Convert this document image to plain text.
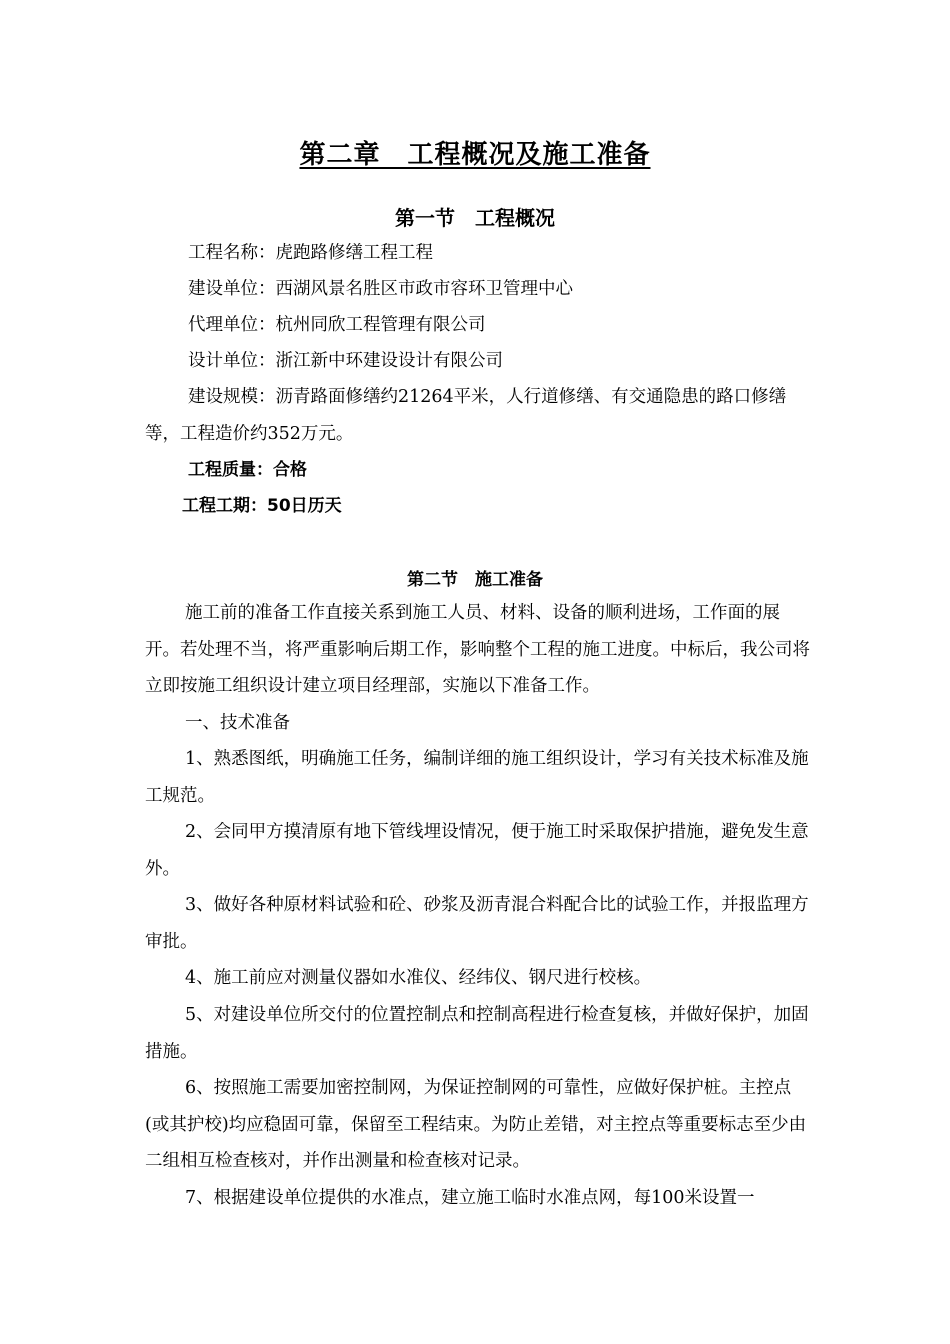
第二章　工程概况及施工准备
第一节　工程概况
工程名称：虎跑路修缮工程工程
建设单位：西湖风景名胜区市政市容环卫管理中心
代理单位：杭州同欣工程管理有限公司
设计单位：浙江新中环建设设计有限公司
建设规模：沥青路面修缮约21264平米，人行道修缮、有交通隐患的路口修缮等，工程造价约352万元。
工程质量：合格
工程工期：50日历天
第二节　施工准备
施工前的准备工作直接关系到施工人员、材料、设备的顺利进场，工作面的展开。若处理不当，将严重影响后期工作，影响整个工程的施工进度。中标后，我公司将立即按施工组织设计建立项目经理部，实施以下准备工作。
一、技术准备
1、熟悉图纸，明确施工任务，编制详细的施工组织设计，学习有关技术标准及施工规范。
2、会同甲方摸清原有地下管线埋设情况，便于施工时采取保护措施，避免发生意外。
3、做好各种原材料试验和砼、砂浆及沥青混合料配合比的试验工作，并报监理方审批。
4、施工前应对测量仪器如水准仪、经纬仪、钢尺进行校核。
5、对建设单位所交付的位置控制点和控制高程进行检查复核，并做好保护，加固措施。
6、按照施工需要加密控制网，为保证控制网的可靠性，应做好保护桩。主控点(或其护校)均应稳固可靠，保留至工程结束。为防止差错，对主控点等重要标志至少由二组相互检查核对，并作出测量和检查核对记录。
7、根据建设单位提供的水准点，建立施工临时水准点网，每100米设置一
